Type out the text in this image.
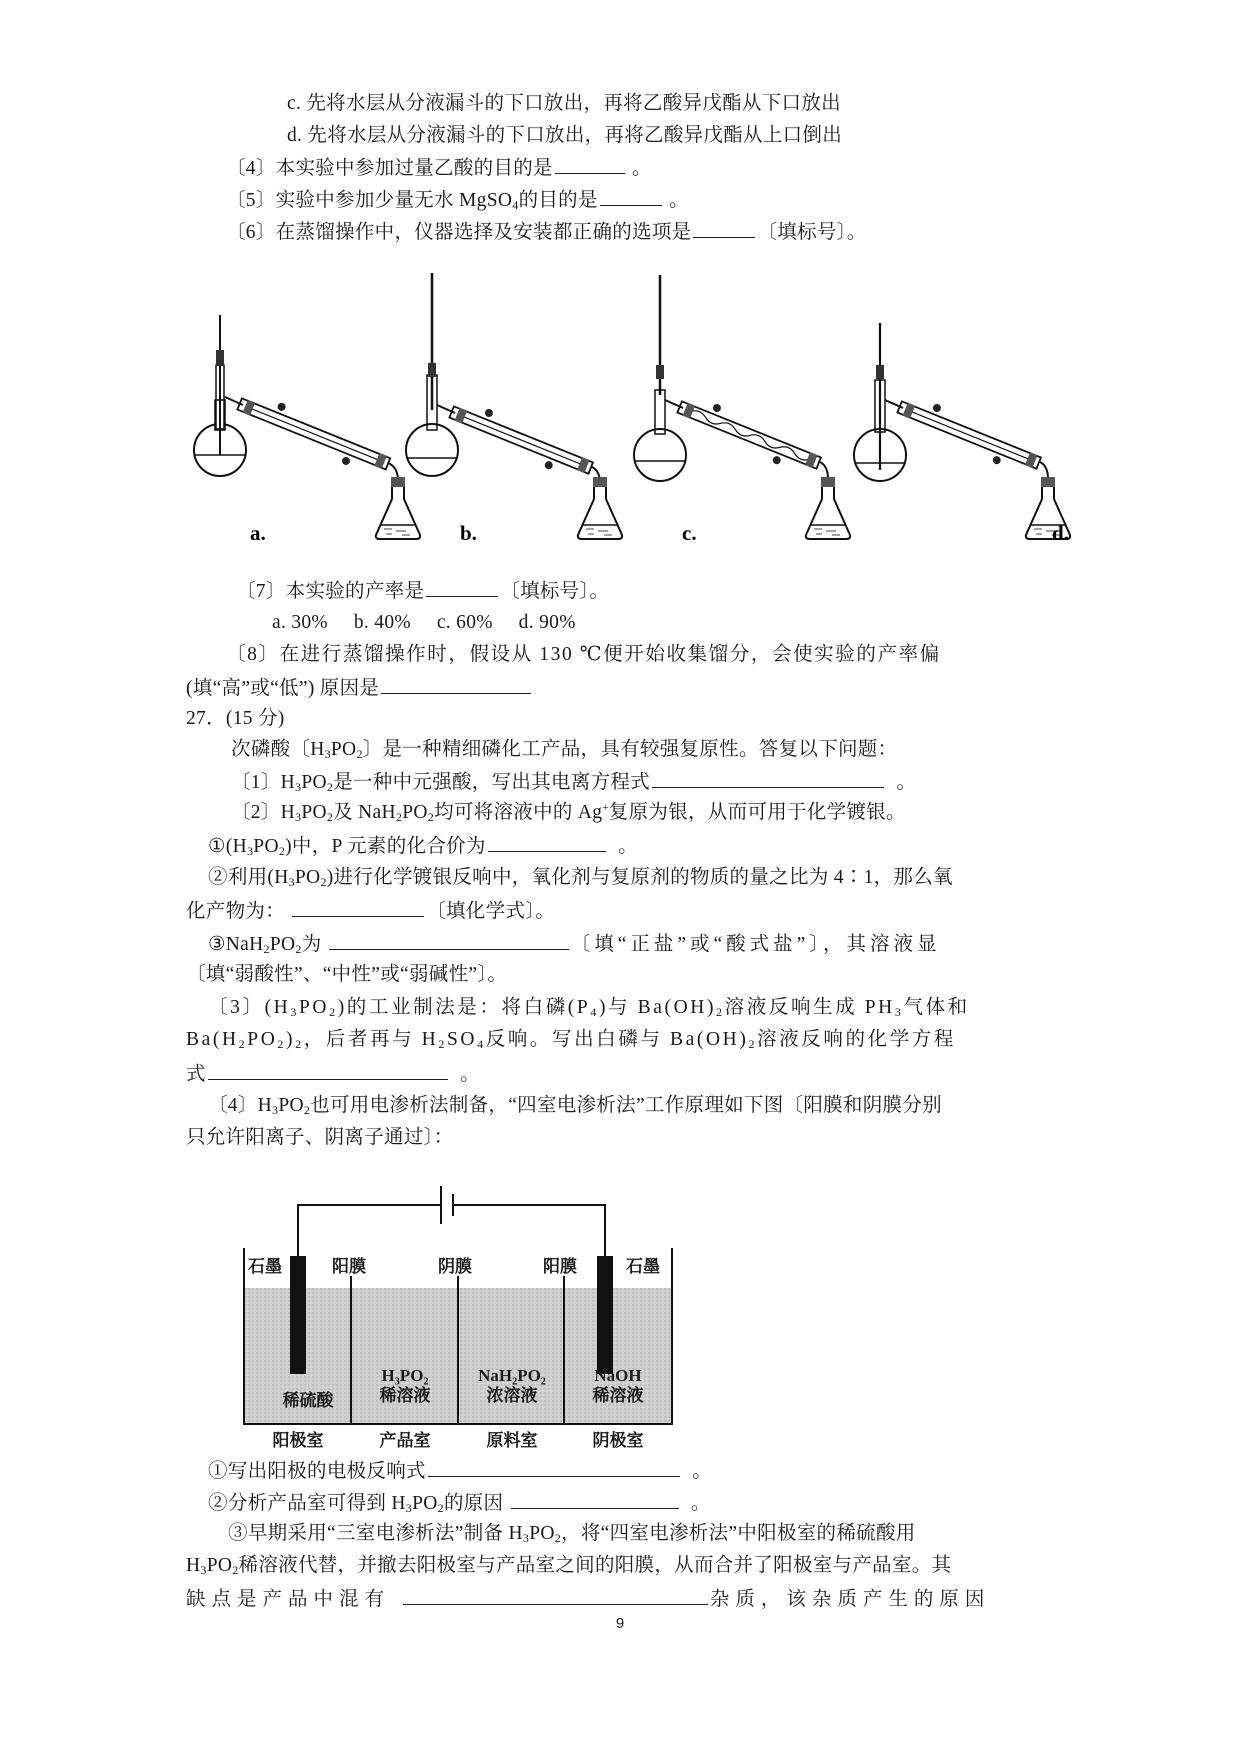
c. 先将水层从分液漏斗的下口放出，再将乙酸异戊酯从下口放出
d. 先将水层从分液漏斗的下口放出，再将乙酸异戊酯从上口倒出
〔4〕本实验中参加过量乙酸的目的是	。
〔5〕实验中参加少量无水 MgSO$_4$的目的是	。
〔6〕在蒸馏操作中，仪器选择及安装都正确的选项是	〔填标号〕。
a.	b.	c.	d.
〔7〕本实验的产率是	〔填标号〕。
a. 30% b. 40% c. 60% d. 90%
〔8〕在进行蒸馏操作时，假设从 130 ℃便开始收集馏分，会使实验的产率偏
(填“高”或“低”) 原因是
27．(15 分)
次磷酸〔$H_3PO_2$〕是一种精细磷化工产品，具有较强复原性。答复以下问题：
〔1〕$H_3PO_2$是一种中元强酸，写出其电离方程式	。
〔2〕$H_3PO_2$及 $NaH_2PO_2$均可将溶液中的 Ag+复原为银，从而可用于化学镀银。
$①(H_3PO_2)$中，P 元素的化合价为	。
②利用$(H_3PO_2)$进行化学镀银反响中，氧化剂与复原剂的物质的量之比为 4∶1，那么氧
化产物为：	〔填化学式〕。
$③NaH_2PO_2$为	〔填“正盐”或“酸式盐”〕，其溶液显
〔填“弱酸性”、“中性”或“弱碱性”〕。
〔3〕$(H_3PO_2)$的工业制法是：将白磷$(P_4)$与 $Ba(OH)_2$溶液反响生成 $PH_3$气体和
$Ba(H_2PO_2)_2$，后者再与 $H_2SO_4$反响。写出白磷与 $Ba(OH)_2$溶液反响的化学方程
式	。
〔4〕$H_3PO_2$也可用电渗析法制备，“四室电渗析法”工作原理如下图〔阳膜和阴膜分别
只允许阳离子、阴离子通过〕：
石墨	石墨
阳膜	阴膜	阳膜
稀硫酸
H₃PO₂
稀溶液
NaH₂PO₂
浓溶液
NaOH
稀溶液
阳极室	产品室	原料室	阴极室
①写出阳极的电极反响式	。
②分析产品室可得到 $H_3PO_2$的原因	。
③早期采用“三室电渗析法”制备 $H_3PO_2$，将“四室电渗析法”中阳极室的稀硫酸用
$H_3PO_2$稀溶液代替，并撤去阳极室与产品室之间的阳膜，从而合并了阳极室与产品室。其
缺点是产品中混有	杂质，该杂质产生的原因
9
